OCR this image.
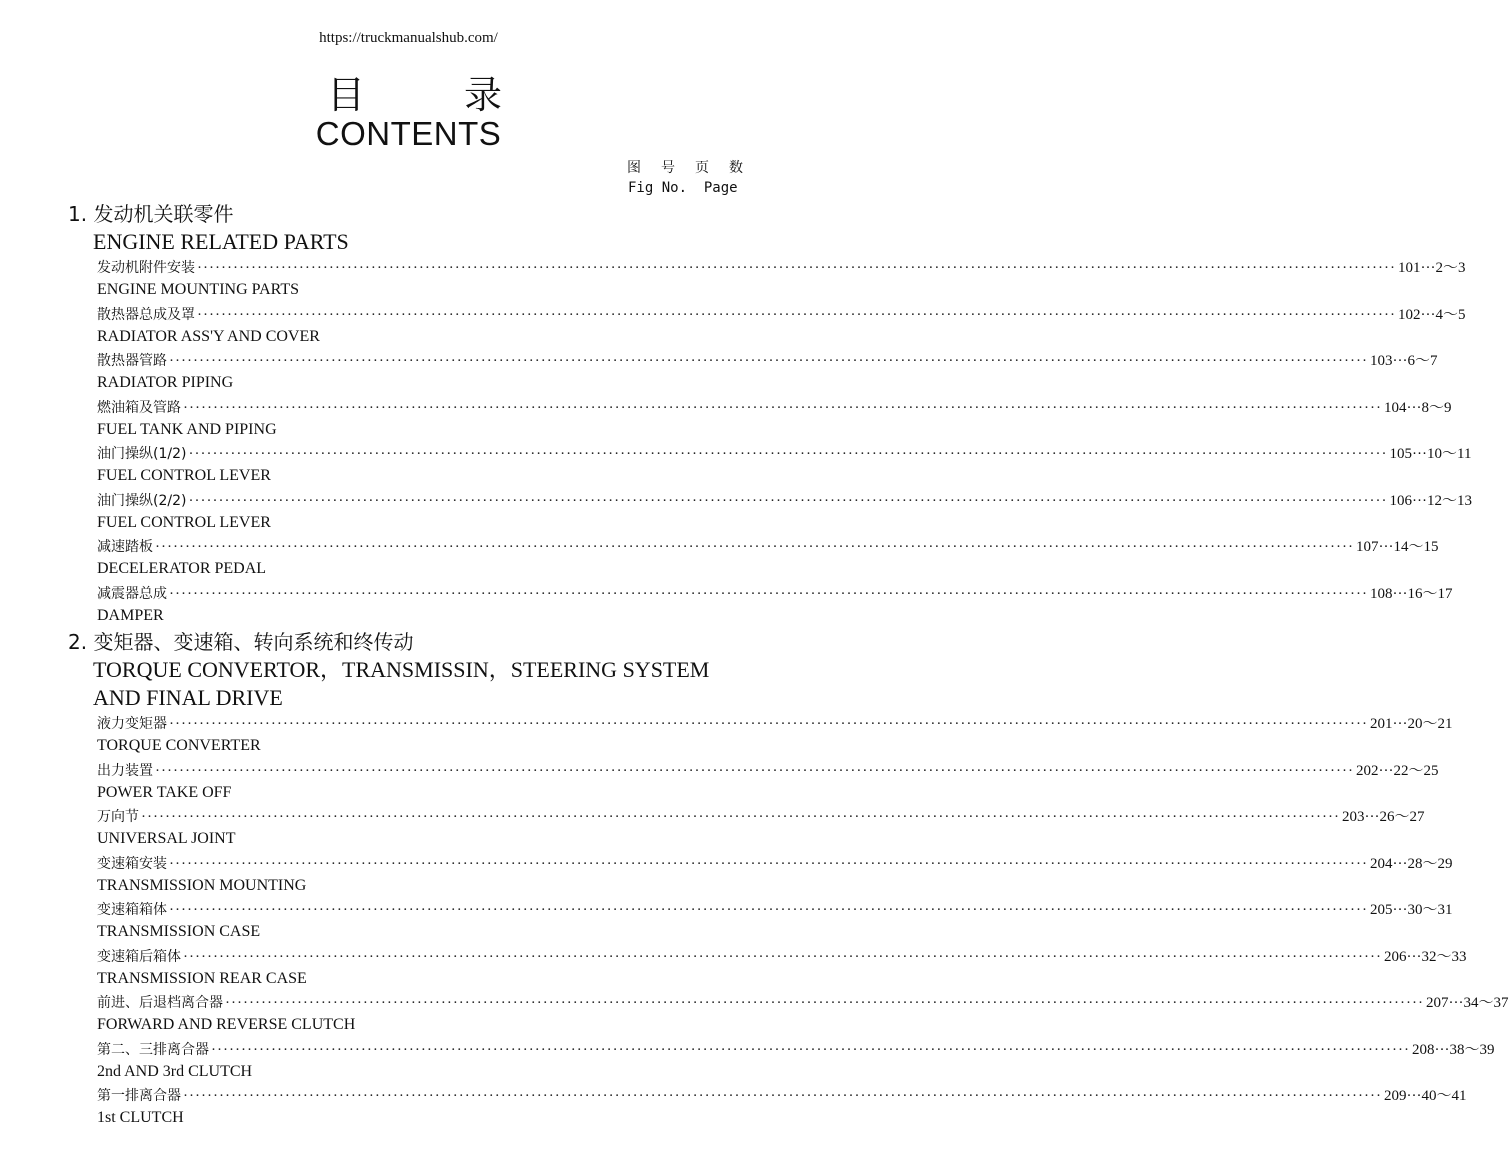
https://truckmanualshub.com/
目	录
CONTENTS
图 号 页 数
Fig No.  Page
1. 发动机关联零件
ENGINE RELATED PARTS
发动机附件安装 ········································································································································································································ 101···2～3
ENGINE MOUNTING PARTS
散热器总成及罩 ········································································································································································································ 102···4～5
RADIATOR ASS'Y AND COVER
散热器管路 ········································································································································································································ 103···6～7
RADIATOR PIPING
燃油箱及管路 ········································································································································································································ 104···8～9
FUEL TANK AND PIPING
油门操纵(1/2) ········································································································································································································ 105···10～11
FUEL CONTROL LEVER
油门操纵(2/2) ········································································································································································································ 106···12～13
FUEL CONTROL LEVER
减速踏板 ········································································································································································································ 107···14～15
DECELERATOR PEDAL
减震器总成 ········································································································································································································ 108···16～17
DAMPER
2. 变矩器、变速箱、转向系统和终传动
TORQUE CONVERTOR，TRANSMISSIN，STEERING SYSTEM
AND FINAL DRIVE
液力变矩器 ········································································································································································································ 201···20～21
TORQUE CONVERTER
出力装置 ········································································································································································································ 202···22～25
POWER TAKE OFF
万向节 ········································································································································································································ 203···26～27
UNIVERSAL JOINT
变速箱安装 ········································································································································································································ 204···28～29
TRANSMISSION MOUNTING
变速箱箱体 ········································································································································································································ 205···30～31
TRANSMISSION CASE
变速箱后箱体 ········································································································································································································ 206···32～33
TRANSMISSION REAR CASE
前进、后退档离合器 ········································································································································································································ 207···34～37
FORWARD AND REVERSE CLUTCH
第二、三排离合器 ········································································································································································································ 208···38～39
2nd AND 3rd CLUTCH
第一排离合器 ········································································································································································································ 209···40～41
1st CLUTCH
